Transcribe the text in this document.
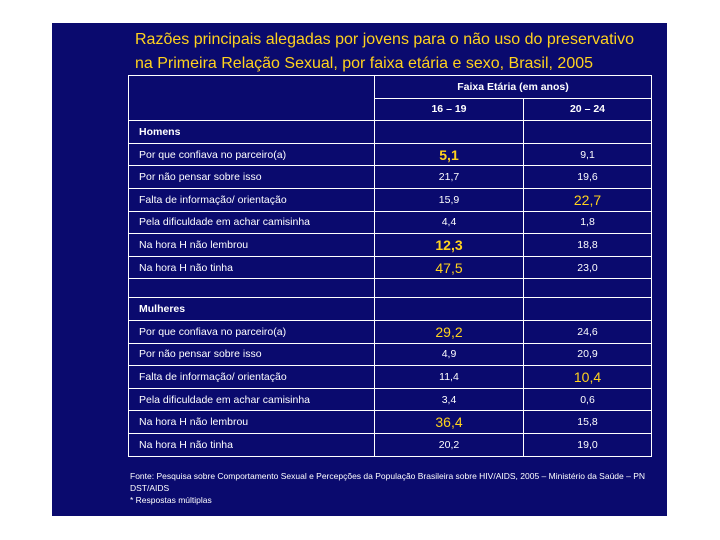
Razões principais alegadas por jovens para o não uso do preservativo
na Primeira Relação Sexual, por faixa etária e sexo, Brasil, 2005
	Faixa Etária (em anos)	
	16 – 19	20 – 24
Homens		
Por que confiava no parceiro(a)	5,1	9,1
Por não pensar sobre isso	21,7	19,6
Falta de informação/ orientação	15,9	22,7
Pela dificuldade em achar camisinha	4,4	1,8
Na hora H não lembrou	12,3	18,8
Na hora H não tinha	47,5	23,0

Mulheres		
Por que confiava no parceiro(a)	29,2	24,6
Por não pensar sobre isso	4,9	20,9
Falta de informação/ orientação	11,4	10,4
Pela dificuldade em achar camisinha	3,4	0,6
Na hora H não lembrou	36,4	15,8
Na hora H não tinha	20,2	19,0
Fonte: Pesquisa sobre Comportamento Sexual e Percepções da População Brasileira sobre HIV/AIDS, 2005 – Ministério da Saúde – PN DST/AIDS
* Respostas múltiplas
